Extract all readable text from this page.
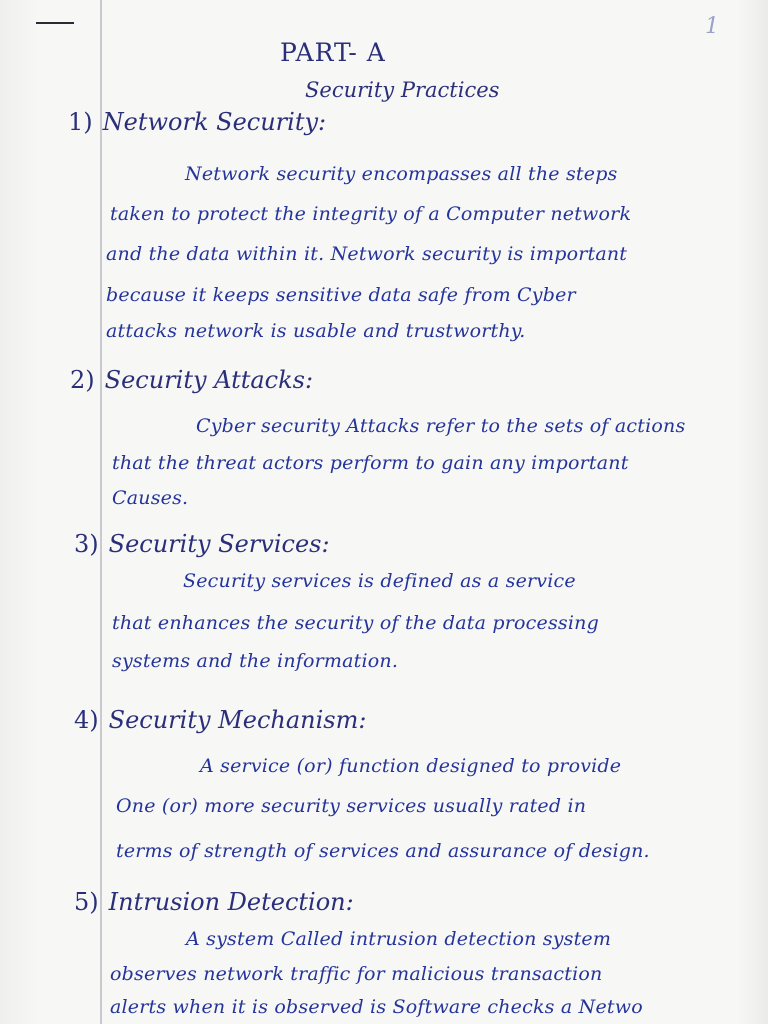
1
PART- A
Security Practices
1) Network Security:
Network security encompasses all the steps
taken to protect the integrity of a Computer network
and the data within it. Network security is important
because it keeps sensitive data safe from Cyber
attacks network is usable and trustworthy.
2) Security Attacks:
Cyber security Attacks refer to the sets of actions
that the threat actors perform to gain any important
Causes.
3) Security Services:
Security services is defined as a service
that enhances the security of the data processing
systems and the information.
4) Security Mechanism:
A service (or) function designed to provide
One (or) more security services usually rated in
terms of strength of services and assurance of design.
5) Intrusion Detection:
A system Called intrusion detection system
observes network traffic for malicious transaction
alerts when it is observed is Software checks a Netwo
